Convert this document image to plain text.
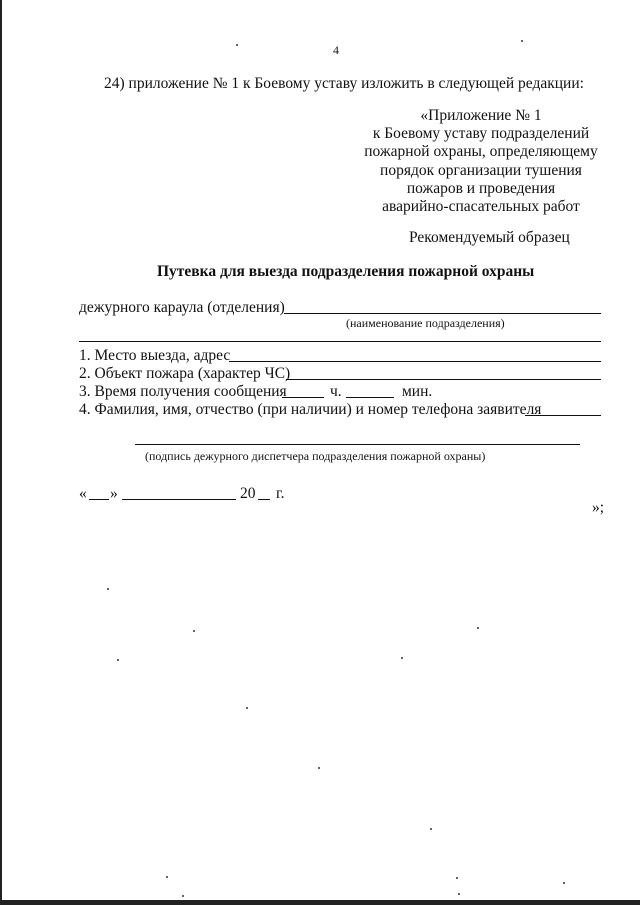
4
24) приложение № 1 к Боевому уставу изложить в следующей редакции:
«Приложение № 1
к Боевому уставу подразделений
пожарной охраны, определяющему
порядок организации тушения
пожаров и проведения
аварийно-спасательных работ
Рекомендуемый образец
Путевка для выезда подразделения пожарной охраны
дежурного караула (отделения)
(наименование подразделения)
1. Место выезда, адрес
2. Объект пожара (характер ЧС)
3. Время получения сообщения	ч.	мин.
4. Фамилия, имя, отчество (при наличии) и номер телефона заявителя
(подпись дежурного диспетчера подразделения пожарной охраны)
« »	20 г.
»;
